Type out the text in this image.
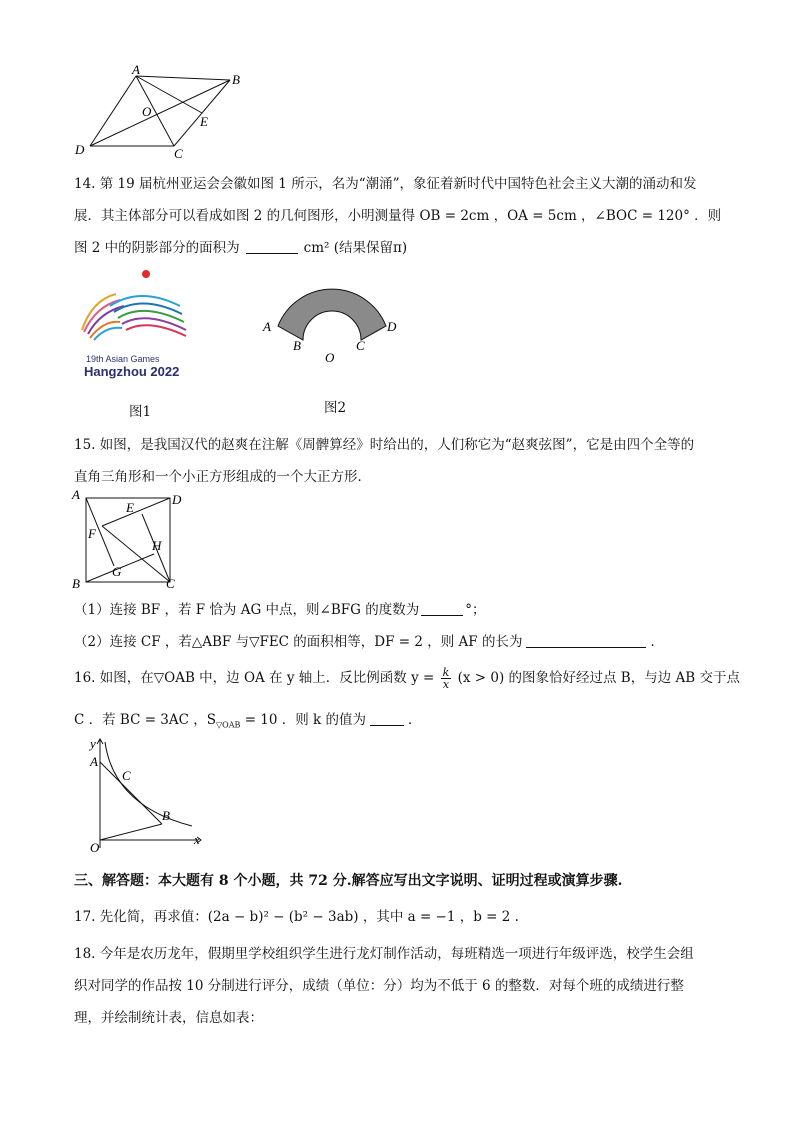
A
B
O
E
D	C
14. 第 19 届杭州亚运会会徽如图 1 所示，名为“潮涌”，象征着新时代中国特色社会主义大潮的涌动和发
展．其主体部分可以看成如图 2 的几何图形，小明测量得 OB = 2cm ，OA = 5cm ，∠BOC = 120° ．则
图 2 中的阴影部分的面积为	cm² (结果保留π)
19th Asian Games
Hangzhou 2022
图1
A	D
B	C
O
图2
15. 如图，是我国汉代的赵爽在注解《周髀算经》时给出的，人们称它为“赵爽弦图”，它是由四个全等的
直角三角形和一个小正方形组成的一个大正方形．
A	D
E
F
H
G
B	C
（1）连接 BF ，若 F 恰为 AG 中点，则∠BFG 的度数为	°；
（2）连接 CF ，若△ABF 与▽FEC 的面积相等，DF = 2 ，则 AF 的长为	．
16. 如图，在▽OAB 中，边 OA 在 y 轴上．反比例函数 $y = \frac{k}{x} (x > 0)$ 的图象恰好经过点 B，与边 AB 交于点
C ．若 BC = 3AC ，$S_{▽OAB} = 10$ ．则 k 的值为	．
y
A
C
B
O
x
三、解答题：本大题有 8 个小题，共 72 分.解答应写出文字说明、证明过程或演算步骤.
17. 先化简，再求值：(2a − b)² − (b² − 3ab) ，其中 a = −1 ，b = 2 .
18. 今年是农历龙年，假期里学校组织学生进行龙灯制作活动，每班精选一项进行年级评选，校学生会组
织对同学的作品按 10 分制进行评分，成绩（单位：分）均为不低于 6 的整数．对每个班的成绩进行整
理，并绘制统计表，信息如表：
